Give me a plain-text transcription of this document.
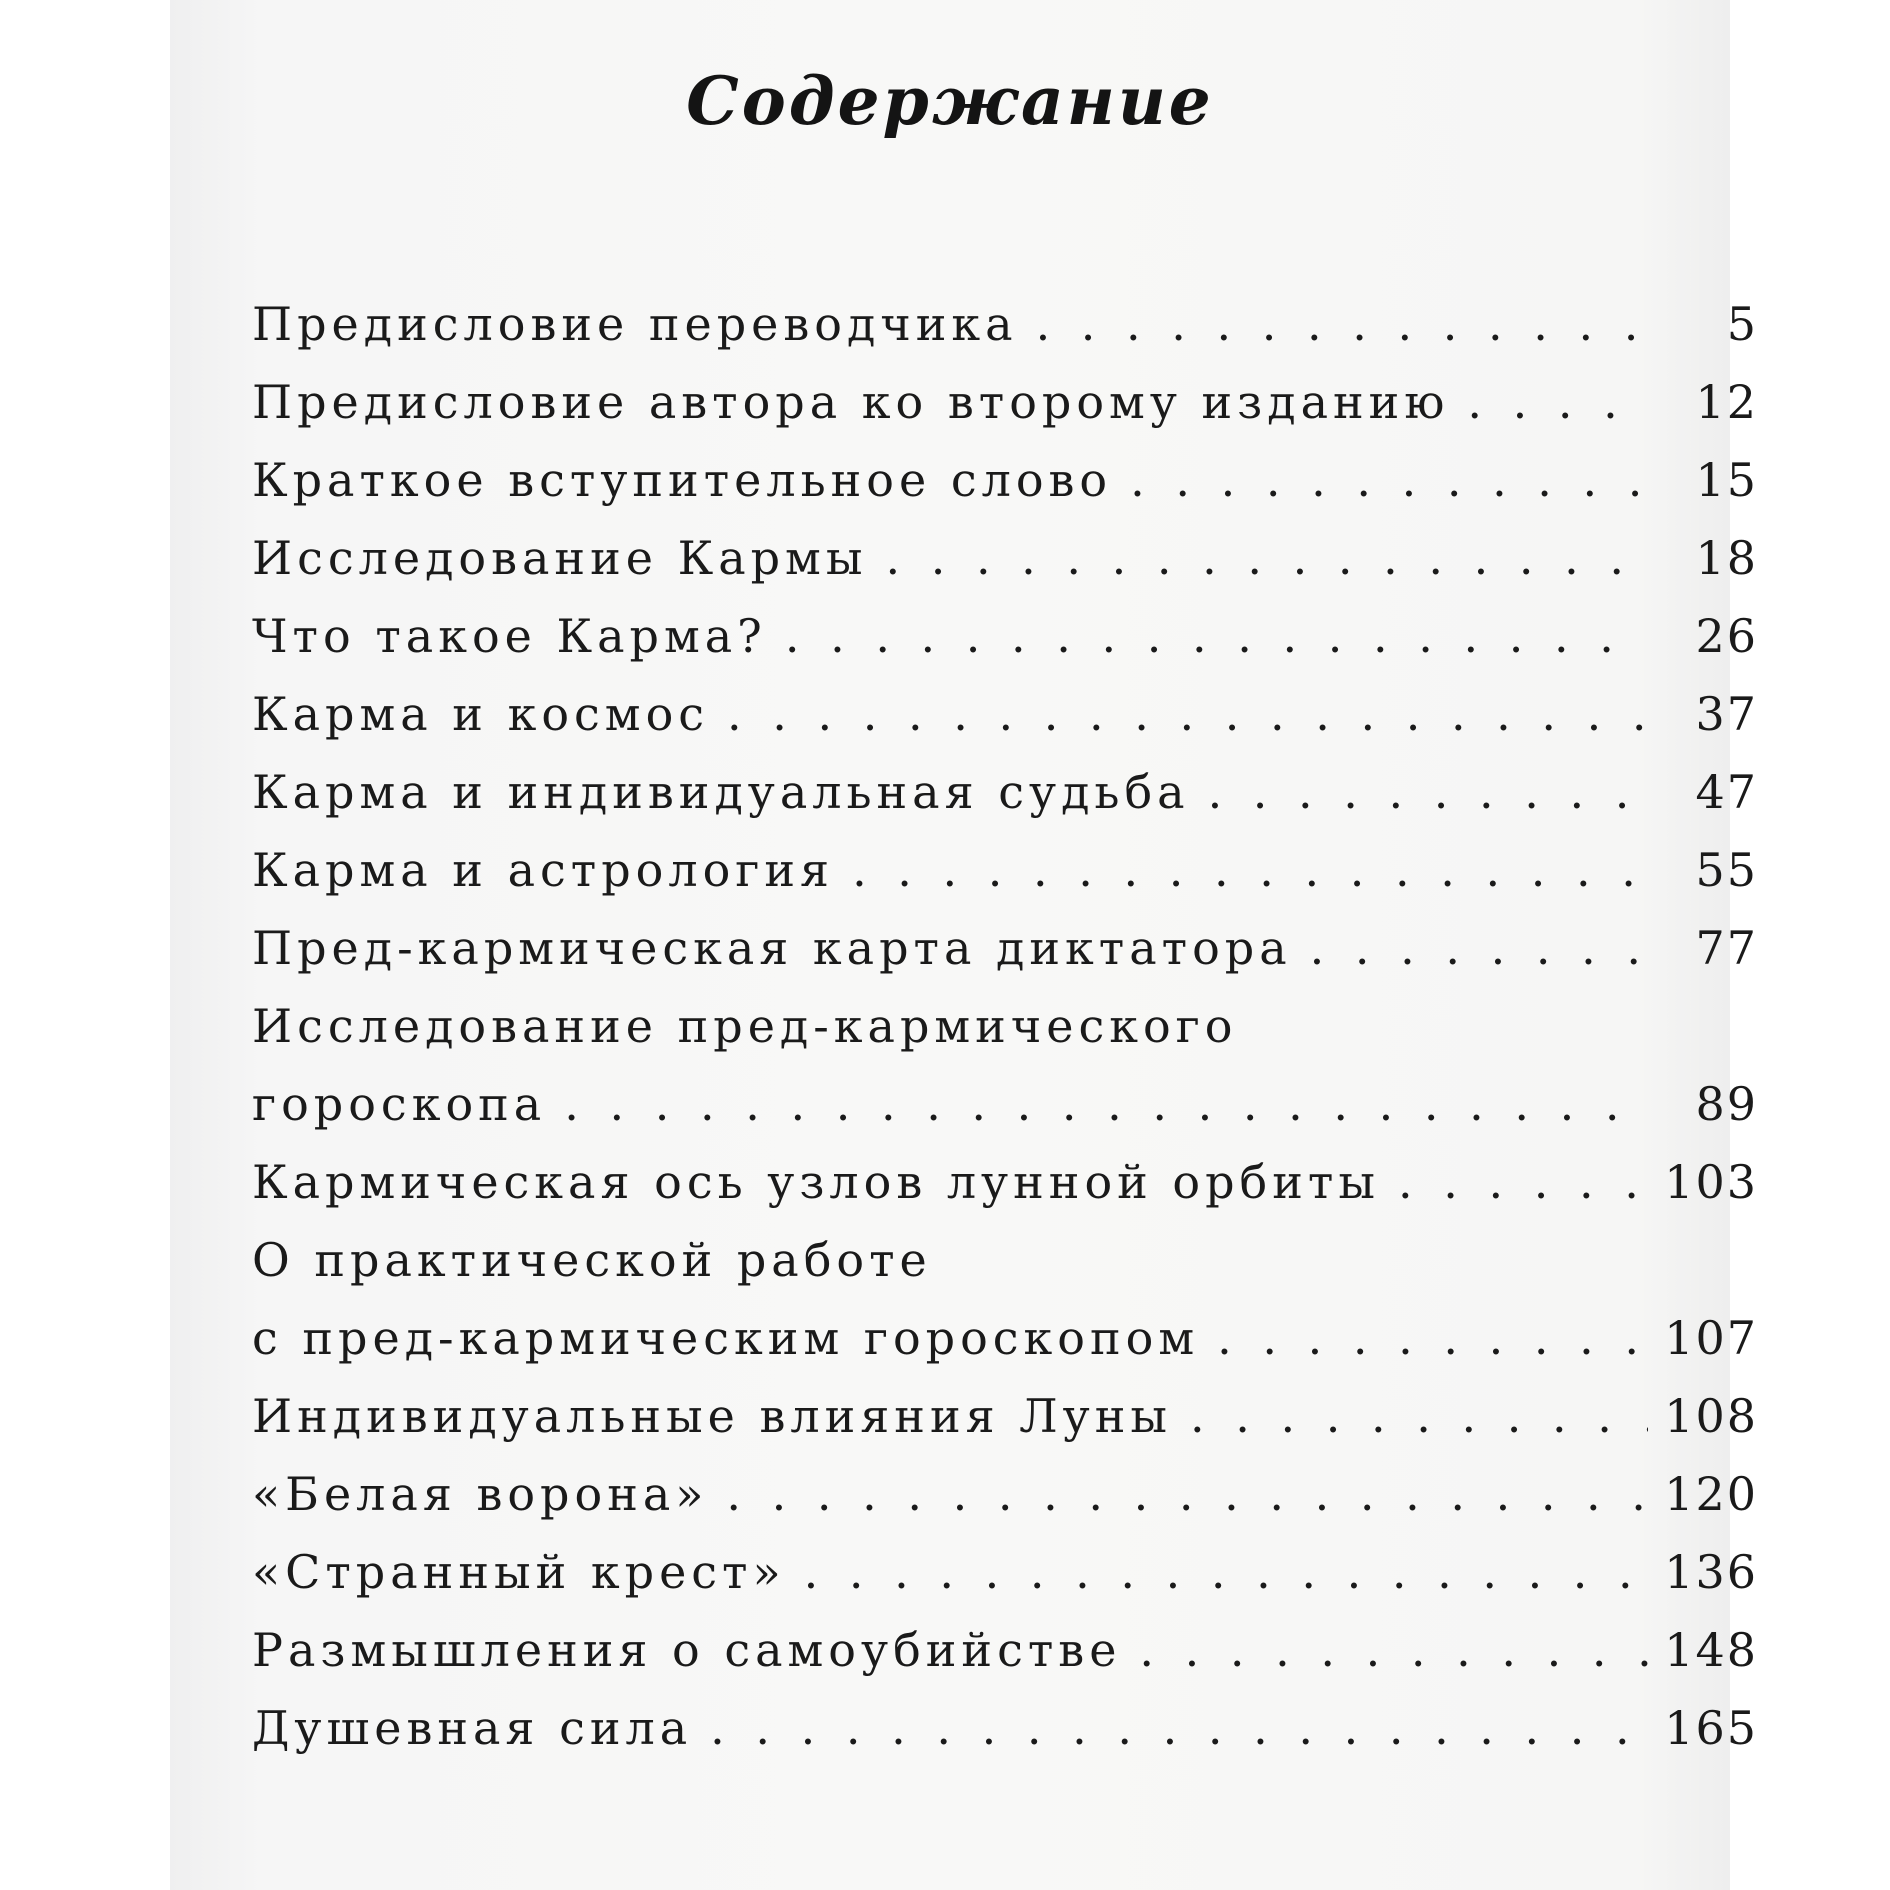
Содержание
Предисловие переводчика . . .	5
Предисловие автора ко второму изданию . . .	12
Краткое вступительное слово . . .	15
Исследование Кармы . . .	18
Что такое Карма? . . .	26
Карма и космос . . .	37
Карма и индивидуальная судьба . . .	47
Карма и астрология . . .	55
Пред-кармическая карта диктатора . . .	77
Исследование пред-кармического
гороскопа . . .	89
Кармическая ось узлов лунной орбиты . . .	103
О практической работе
с пред-кармическим гороскопом . . .	107
Индивидуальные влияния Луны . . .	108
«Белая ворона» . . .	120
«Странный крест» . . .	136
Размышления о самоубийстве . . .	148
Душевная сила . . .	165
